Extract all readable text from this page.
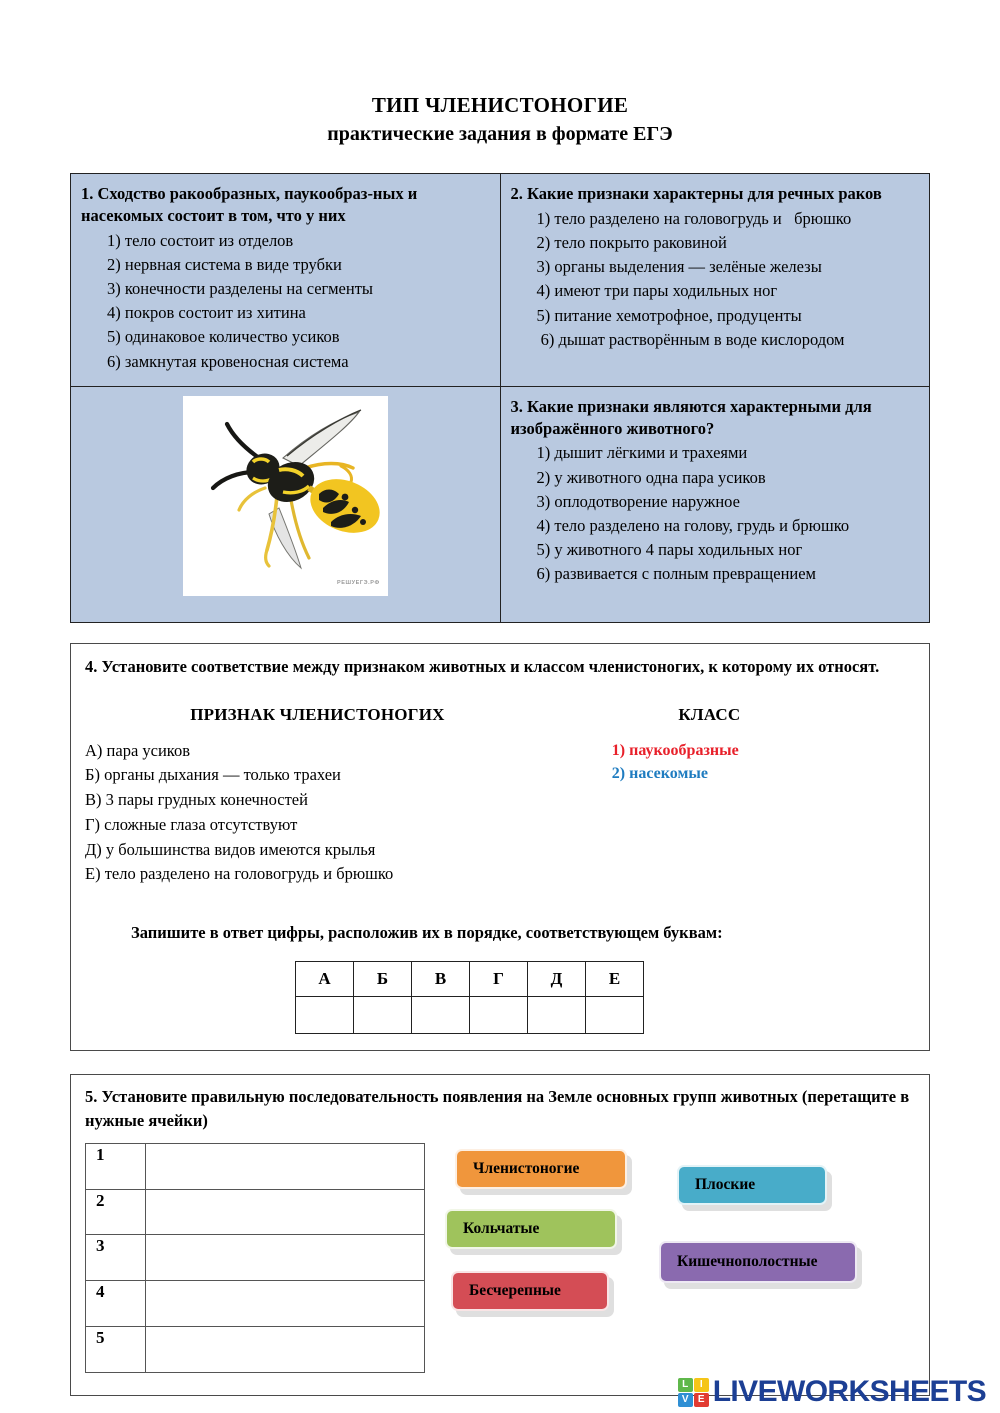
ТИП ЧЛЕНИСТОНОГИЕ
практические задания в формате ЕГЭ
1. Сходство ракообразных, паукообраз-ных и насекомых состоит в том, что у них
1) тело состоит из отделов
2) нервная система в виде трубки
3) конечности разделены на сегменты
4) покров состоит из хитина
5) одинаковое количество усиков
6) замкнутая кровеносная система

2. Какие признаки характерны для речных раков
1) тело разделено на головогрудь и   брюшко
2) тело покрыто раковиной
3) органы выделения — зелёные железы
4) имеют три пары ходильных ног
5) питание хемотрофное, продуценты
6) дышат растворённым в воде кислородом

РЕШУЕГЭ.РФ

3. Какие признаки являются характерными для изображённого животного?
1) дышит лёгкими и трахеями
2) у животного одна пара усиков
3) оплодотворение наружное
4) тело разделено на голову, грудь и брюшко
5) у животного 4 пары ходильных ног
6) развивается с полным превращением
4. Установите соответствие между признаком животных и классом членистоногих, к которому их относят.
ПРИЗНАК ЧЛЕНИСТОНОГИХ
А) пара усиков
Б) органы дыхания — только трахеи
В) 3 пары грудных конечностей
Г) сложные глаза отсутствуют
Д) у большинства видов имеются крылья
Е) тело разделено на головогрудь и брюшко
КЛАСС
1) паукообразные
2) насекомые
Запишите в ответ цифры, расположив их в порядке, соответствующем буквам:
А	Б	В	Г	Д	Е

5. Установите правильную последовательность появления на Земле основных групп животных (перетащите в нужные ячейки)
1	
2	
3	
4	
5	
Членистоногие
Плоские
Кольчатые
Кишечнополостные
Бесчерепные
L	I
V E LIVEWORKSHEETS
